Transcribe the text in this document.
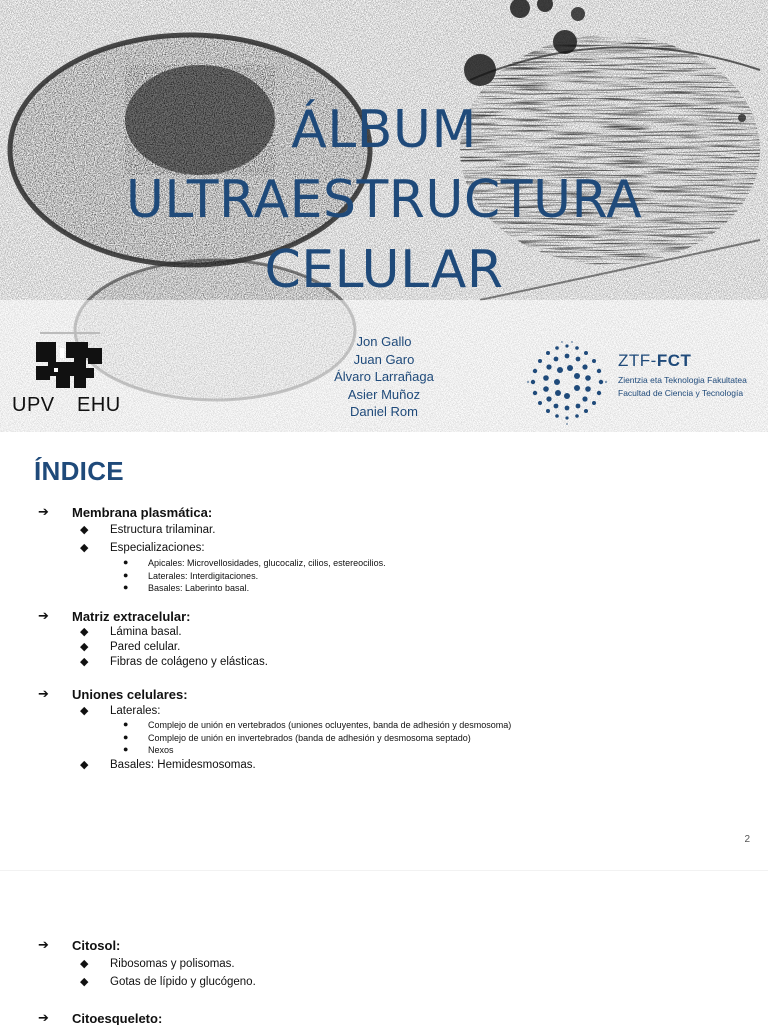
ÁLBUM
ULTRAESTRUCTURA
CELULAR
Jon Gallo
Juan Garo
Álvaro Larrañaga
Asier Muñoz
Daniel Rom
UPV EHU
ZTF-FCT
Zientzia eta Teknologia Fakultatea
Facultad de Ciencia y Tecnología
ÍNDICE
➔ Membrana plasmática:
◆ Estructura trilaminar.
◆ Especializaciones:
● Apicales: Microvellosidades, glucocaliz, cilios, estereocilios.
● Laterales: Interdigitaciones.
● Basales: Laberinto basal.
➔ Matriz extracelular:
◆ Lámina basal.
◆ Pared celular.
◆ Fibras de colágeno y elásticas.
➔ Uniones celulares:
◆ Laterales:
● Complejo de unión en vertebrados (uniones ocluyentes, banda de adhesión y desmosoma)
● Complejo de unión en invertebrados (banda de adhesión y desmosoma septado)
● Nexos
◆ Basales: Hemidesmosomas.
2
➔ Citosol:
◆ Ribosomas y polisomas.
◆ Gotas de lípido y glucógeno.
➔ Citoesqueleto:
